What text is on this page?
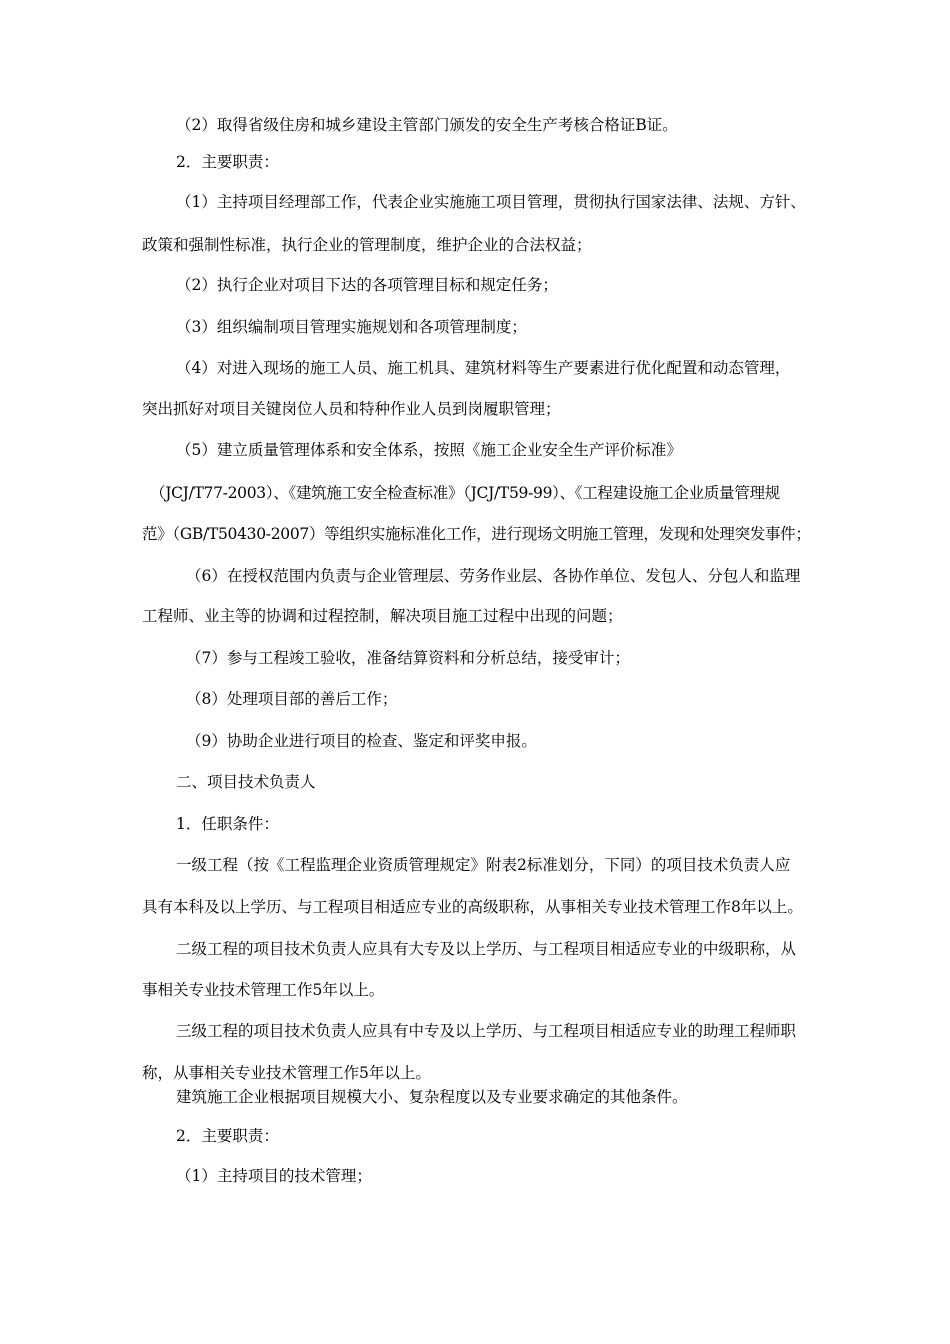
（2）取得省级住房和城乡建设主管部门颁发的安全生产考核合格证B证。

2．主要职责：

（1）主持项目经理部工作，代表企业实施施工项目管理，贯彻执行国家法律、法规、方针、

政策和强制性标准，执行企业的管理制度，维护企业的合法权益；

（2）执行企业对项目下达的各项管理目标和规定任务；

（3）组织编制项目管理实施规划和各项管理制度；

（4）对进入现场的施工人员、施工机具、建筑材料等生产要素进行优化配置和动态管理，

突出抓好对项目关键岗位人员和特种作业人员到岗履职管理；

（5）建立质量管理体系和安全体系，按照《施工企业安全生产评价标准》

（JCJ/T77-2003）、《建筑施工安全检查标准》（JCJ/T59-99）、《工程建设施工企业质量管理规

范》（GB/T50430-2007）等组织实施标准化工作，进行现场文明施工管理，发现和处理突发事件；

（6）在授权范围内负责与企业管理层、劳务作业层、各协作单位、发包人、分包人和监理

工程师、业主等的协调和过程控制，解决项目施工过程中出现的问题；

（7）参与工程竣工验收，准备结算资料和分析总结，接受审计；

（8）处理项目部的善后工作；

（9）协助企业进行项目的检查、鉴定和评奖申报。

二、项目技术负责人

1．任职条件：

一级工程（按《工程监理企业资质管理规定》附表2标准划分，下同）的项目技术负责人应

具有本科及以上学历、与工程项目相适应专业的高级职称，从事相关专业技术管理工作8年以上。

二级工程的项目技术负责人应具有大专及以上学历、与工程项目相适应专业的中级职称，从

事相关专业技术管理工作5年以上。

三级工程的项目技术负责人应具有中专及以上学历、与工程项目相适应专业的助理工程师职

称，从事相关专业技术管理工作5年以上。

建筑施工企业根据项目规模大小、复杂程度以及专业要求确定的其他条件。

2．主要职责：

（1）主持项目的技术管理；
